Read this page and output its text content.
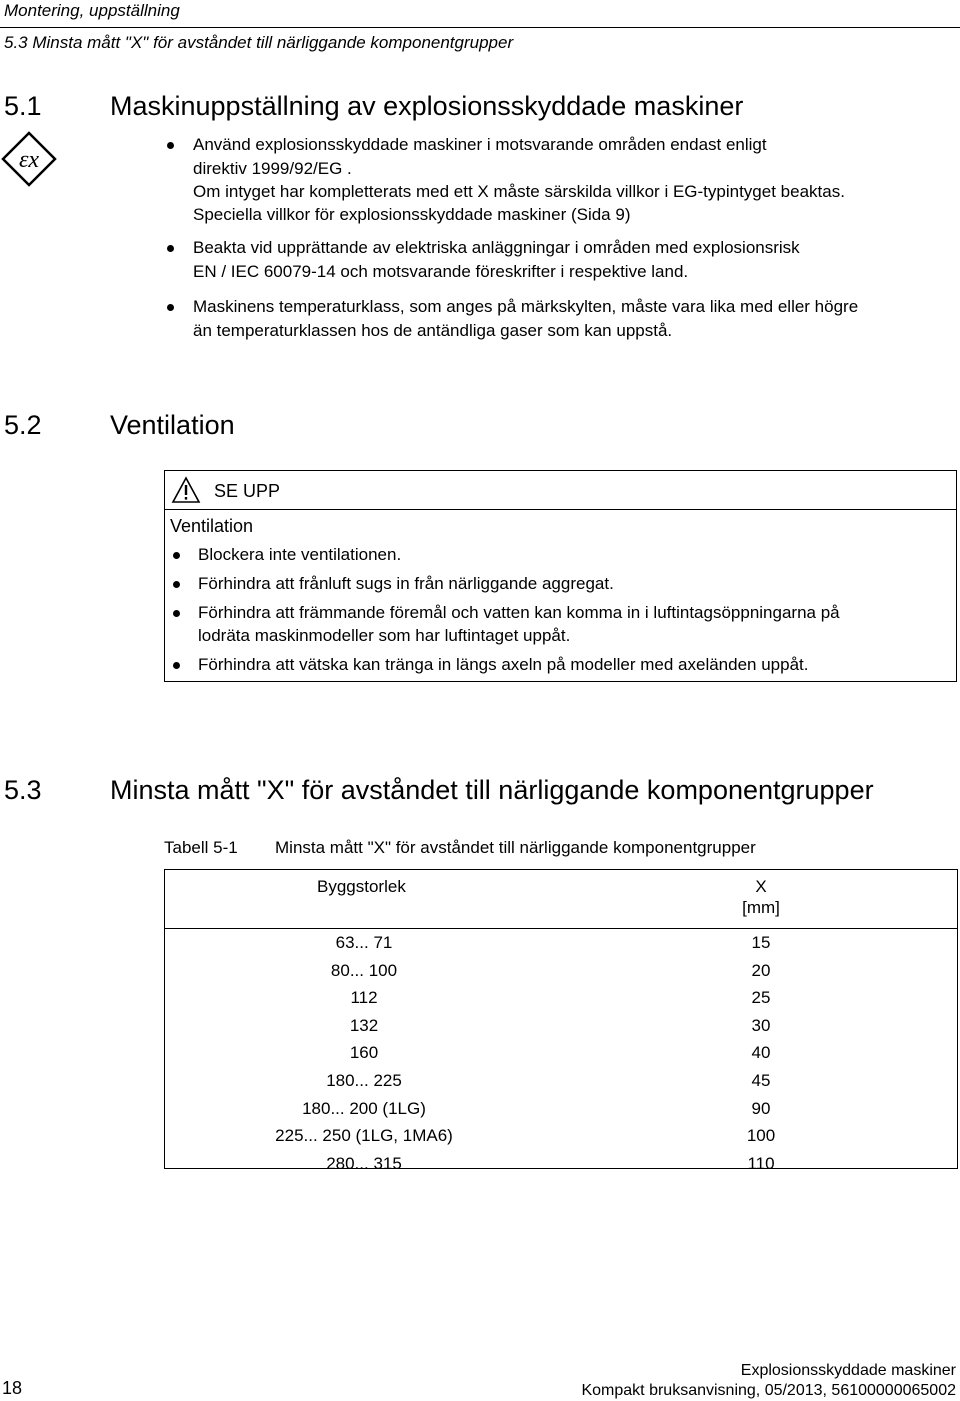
Montering, uppställning
5.3 Minsta mått "X" för avståndet till närliggande komponentgrupper
5.1	Maskinuppställning av explosionsskyddade maskiner
εx
Använd explosionsskyddade maskiner i motsvarande områden endast enligt
direktiv 1999/92/EG .
Om intyget har kompletterats med ett X måste särskilda villkor i EG-typintyget beaktas.
Speciella villkor för explosionsskyddade maskiner (Sida 9)
Beakta vid upprättande av elektriska anläggningar i områden med explosionsrisk
EN / IEC 60079-14 och motsvarande föreskrifter i respektive land.
Maskinens temperaturklass, som anges på märkskylten, måste vara lika med eller högre
än temperaturklassen hos de antändliga gaser som kan uppstå.
5.2	Ventilation
SE UPP
Ventilation
Blockera inte ventilationen.
Förhindra att frånluft sugs in från närliggande aggregat.
Förhindra att främmande föremål och vatten kan komma in i luftintagsöppningarna på
lodräta maskinmodeller som har luftintaget uppåt.
Förhindra att vätska kan tränga in längs axeln på modeller med axeländen uppåt.
5.3	Minsta mått "X" för avståndet till närliggande komponentgrupper
Tabell 5-1 Minsta mått "X" för avståndet till närliggande komponentgrupper
Byggstorlek	X
[mm]

63... 71	15
80... 100	20
112	25
132	30
160	40
180... 225	45
180... 200 (1LG)	90
225... 250 (1LG, 1MA6)	100
280... 315	110
18
Explosionsskyddade maskiner
Kompakt bruksanvisning, 05/2013, 56100000065002
